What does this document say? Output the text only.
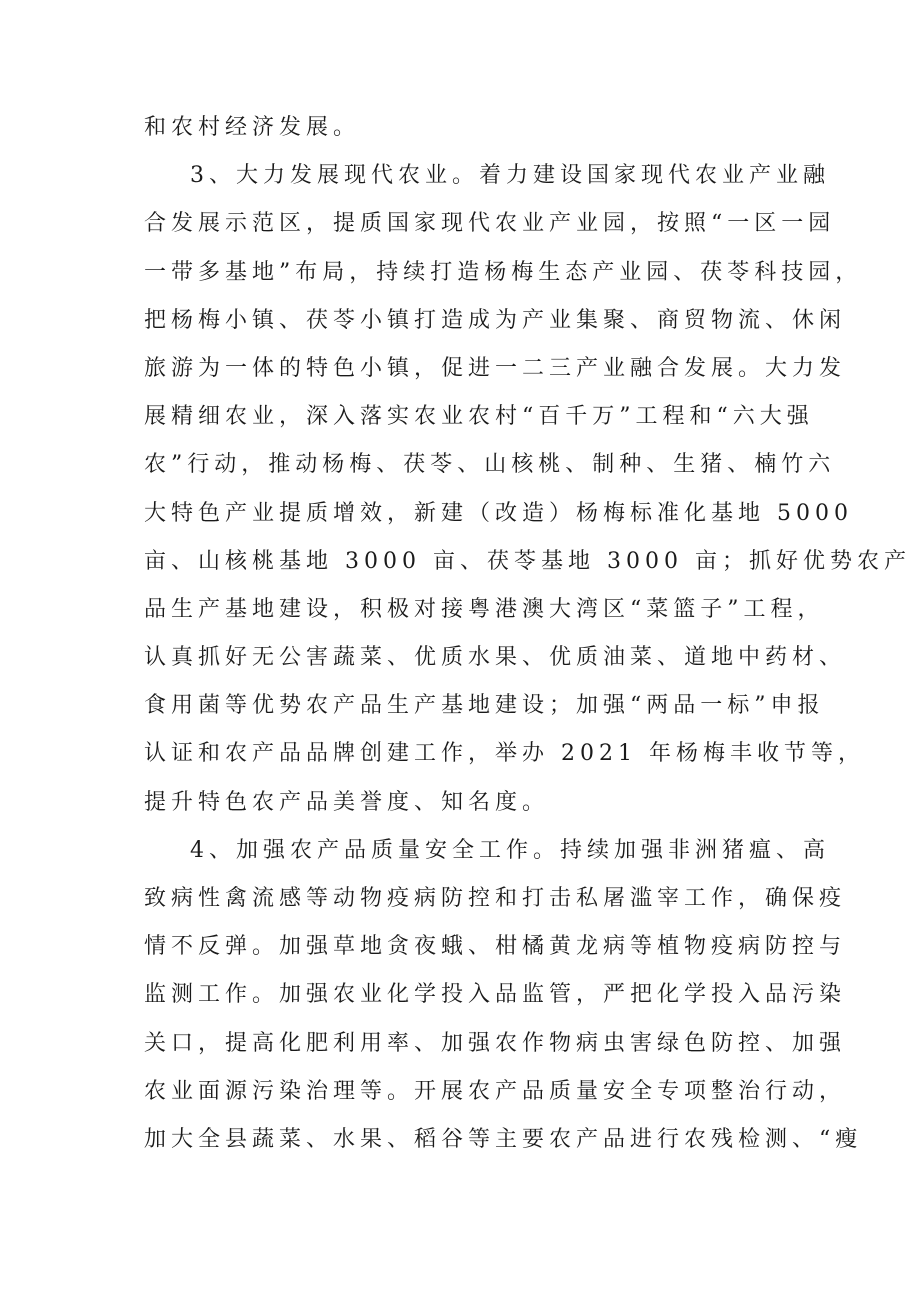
和农村经济发展。
3、大力发展现代农业。着力建设国家现代农业产业融
合发展示范区，提质国家现代农业产业园，按照“一区一园
一带多基地”布局，持续打造杨梅生态产业园、茯苓科技园，
把杨梅小镇、茯苓小镇打造成为产业集聚、商贸物流、休闲
旅游为一体的特色小镇，促进一二三产业融合发展。大力发
展精细农业，深入落实农业农村“百千万”工程和“六大强
农”行动，推动杨梅、茯苓、山核桃、制种、生猪、楠竹六
大特色产业提质增效，新建（改造）杨梅标准化基地 5000
亩、山核桃基地 3000 亩、茯苓基地 3000 亩；抓好优势农产
品生产基地建设，积极对接粤港澳大湾区“菜篮子”工程，
认真抓好无公害蔬菜、优质水果、优质油菜、道地中药材、
食用菌等优势农产品生产基地建设；加强“两品一标”申报
认证和农产品品牌创建工作，举办 2021 年杨梅丰收节等，
提升特色农产品美誉度、知名度。
4、加强农产品质量安全工作。持续加强非洲猪瘟、高
致病性禽流感等动物疫病防控和打击私屠滥宰工作，确保疫
情不反弹。加强草地贪夜蛾、柑橘黄龙病等植物疫病防控与
监测工作。加强农业化学投入品监管，严把化学投入品污染
关口，提高化肥利用率、加强农作物病虫害绿色防控、加强
农业面源污染治理等。开展农产品质量安全专项整治行动，
加大全县蔬菜、水果、稻谷等主要农产品进行农残检测、“瘦
